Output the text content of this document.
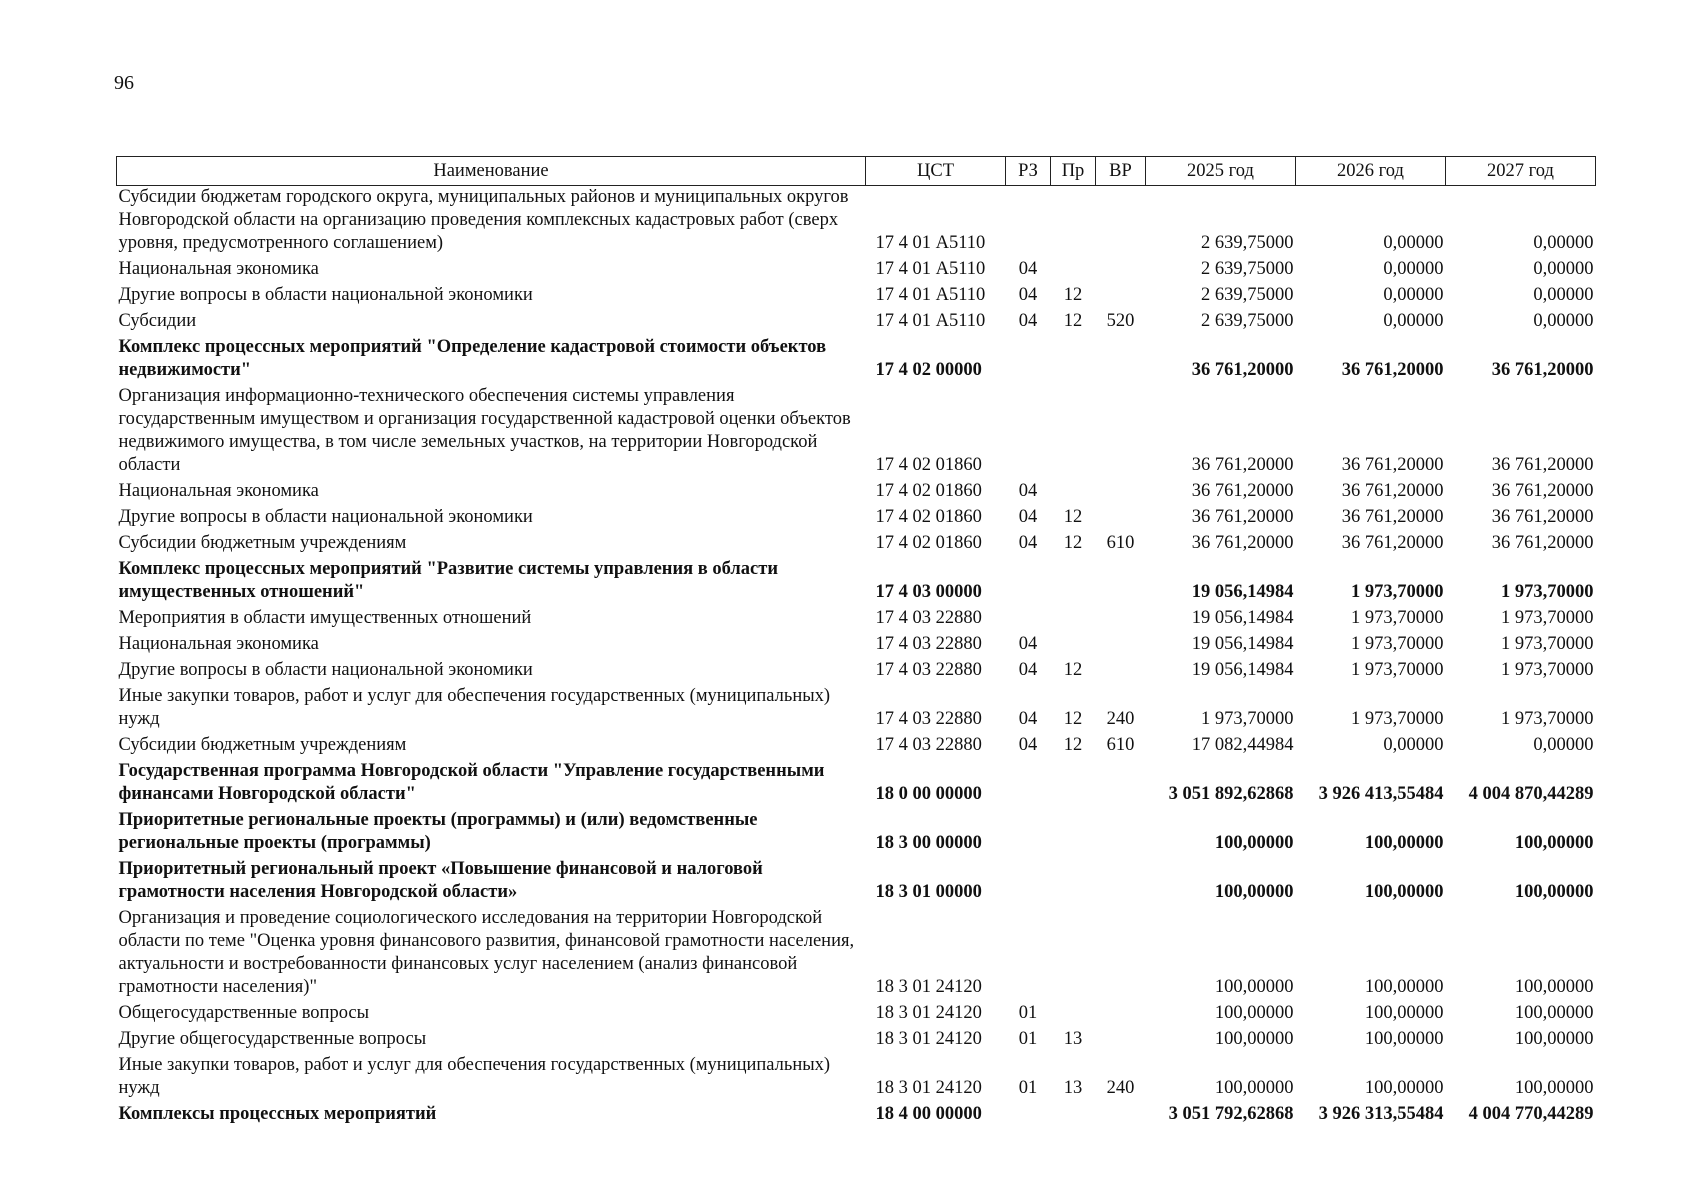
96
Наименование	ЦСТ	РЗ	Пр	ВР	2025 год	2026 год	2027 год
Субсидии бюджетам городского округа, муниципальных районов и муниципальных округов Новгородской области на организацию проведения комплексных кадастровых работ (сверх уровня, предусмотренного соглашением)	17 4 01 А5110				2 639,75000	0,00000	0,00000
Национальная экономика	17 4 01 А5110	04			2 639,75000	0,00000	0,00000
Другие вопросы в области национальной экономики	17 4 01 А5110	04	12		2 639,75000	0,00000	0,00000
Субсидии	17 4 01 А5110	04	12	520	2 639,75000	0,00000	0,00000
Комплекс процессных мероприятий "Определение кадастровой стоимости объектов недвижимости"	17 4 02 00000				36 761,20000	36 761,20000	36 761,20000
Организация информационно-технического обеспечения системы управления государственным имуществом и организация государственной кадастровой оценки объектов недвижимого имущества, в том числе земельных участков, на территории Новгородской области	17 4 02 01860				36 761,20000	36 761,20000	36 761,20000
Национальная экономика	17 4 02 01860	04			36 761,20000	36 761,20000	36 761,20000
Другие вопросы в области национальной экономики	17 4 02 01860	04	12		36 761,20000	36 761,20000	36 761,20000
Субсидии бюджетным учреждениям	17 4 02 01860	04	12	610	36 761,20000	36 761,20000	36 761,20000
Комплекс процессных мероприятий "Развитие системы управления в области имущественных отношений"	17 4 03 00000				19 056,14984	1 973,70000	1 973,70000
Мероприятия в области имущественных отношений	17 4 03 22880				19 056,14984	1 973,70000	1 973,70000
Национальная экономика	17 4 03 22880	04			19 056,14984	1 973,70000	1 973,70000
Другие вопросы в области национальной экономики	17 4 03 22880	04	12		19 056,14984	1 973,70000	1 973,70000
Иные закупки товаров, работ и услуг для обеспечения государственных (муниципальных) нужд	17 4 03 22880	04	12	240	1 973,70000	1 973,70000	1 973,70000
Субсидии бюджетным учреждениям	17 4 03 22880	04	12	610	17 082,44984	0,00000	0,00000
Государственная программа Новгородской области "Управление государственными финансами Новгородской области"	18 0 00 00000				3 051 892,62868	3 926 413,55484	4 004 870,44289
Приоритетные региональные проекты (программы) и (или) ведомственные региональные проекты (программы)	18 3 00 00000				100,00000	100,00000	100,00000
Приоритетный региональный проект «Повышение финансовой и налоговой грамотности населения Новгородской области»	18 3 01 00000				100,00000	100,00000	100,00000
Организация и проведение социологического исследования на территории Новгородской области по теме "Оценка уровня финансового развития, финансовой грамотности населения, актуальности и востребованности финансовых услуг населением (анализ финансовой грамотности населения)"	18 3 01 24120				100,00000	100,00000	100,00000
Общегосударственные вопросы	18 3 01 24120	01			100,00000	100,00000	100,00000
Другие общегосударственные вопросы	18 3 01 24120	01	13		100,00000	100,00000	100,00000
Иные закупки товаров, работ и услуг для обеспечения государственных (муниципальных) нужд	18 3 01 24120	01	13	240	100,00000	100,00000	100,00000
Комплексы процессных мероприятий	18 4 00 00000				3 051 792,62868	3 926 313,55484	4 004 770,44289
